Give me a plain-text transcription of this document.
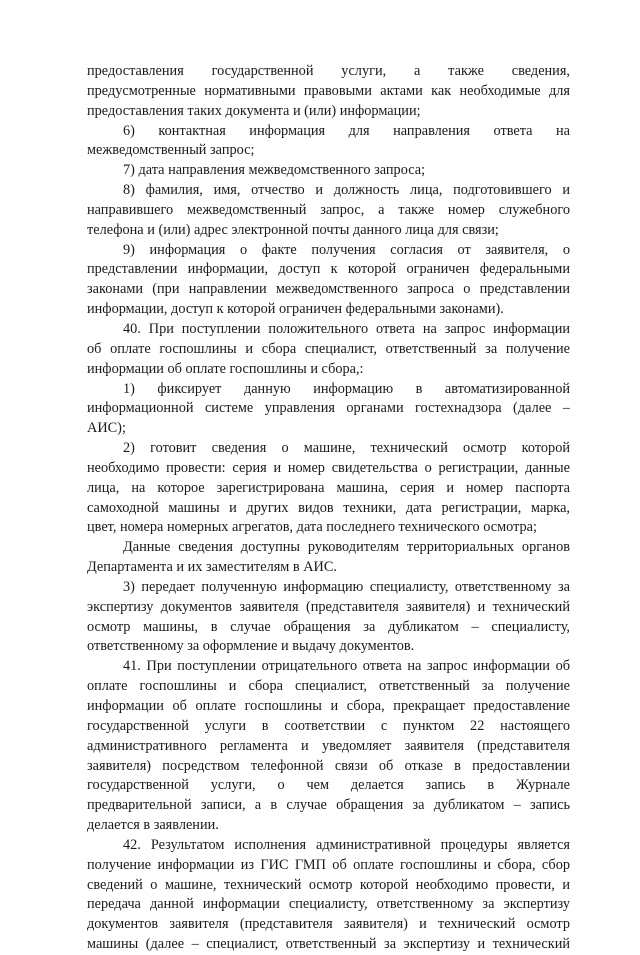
предоставления государственной услуги, а также сведения,
предусмотренные нормативными правовыми актами как необходимые для
предоставления таких документа и (или) информации;
6) контактная информация для направления ответа на
межведомственный запрос;
7) дата направления межведомственного запроса;
8) фамилия, имя, отчество и должность лица, подготовившего и
направившего межведомственный запрос, а также номер служебного
телефона и (или) адрес электронной почты данного лица для связи;
9) информация о факте получения согласия от заявителя, о
представлении информации, доступ к которой ограничен федеральными
законами (при направлении межведомственного запроса о представлении
информации, доступ к которой ограничен федеральными законами).
40. При поступлении положительного ответа на запрос информации
об оплате госпошлины и сбора специалист, ответственный за получение
информации об оплате госпошлины и сбора,:
1) фиксирует данную информацию в автоматизированной
информационной системе управления органами гостехнадзора (далее –
АИС);
2) готовит сведения о машине, технический осмотр которой
необходимо провести: серия и номер свидетельства о регистрации, данные
лица, на которое зарегистрирована машина, серия и номер паспорта
самоходной машины и других видов техники, дата регистрации, марка,
цвет, номера номерных агрегатов, дата последнего технического осмотра;
Данные сведения доступны руководителям территориальных органов
Департамента и их заместителям в АИС.
3) передает полученную информацию специалисту, ответственному за
экспертизу документов заявителя (представителя заявителя) и технический
осмотр машины, в случае обращения за дубликатом – специалисту,
ответственному за оформление и выдачу документов.
41. При поступлении отрицательного ответа на запрос информации об
оплате госпошлины и сбора специалист, ответственный за получение
информации об оплате госпошлины и сбора, прекращает предоставление
государственной услуги в соответствии с пунктом 22 настоящего
административного регламента и уведомляет заявителя (представителя
заявителя) посредством телефонной связи об отказе в предоставлении
государственной услуги, о чем делается запись в Журнале
предварительной записи, а в случае обращения за дубликатом – запись
делается в заявлении.
42. Результатом исполнения административной процедуры является
получение информации из ГИС ГМП об оплате госпошлины и сбора, сбор
сведений о машине, технический осмотр которой необходимо провести, и
передача данной информации специалисту, ответственному за экспертизу
документов заявителя (представителя заявителя) и технический осмотр
машины (далее – специалист, ответственный за экспертизу и технический
